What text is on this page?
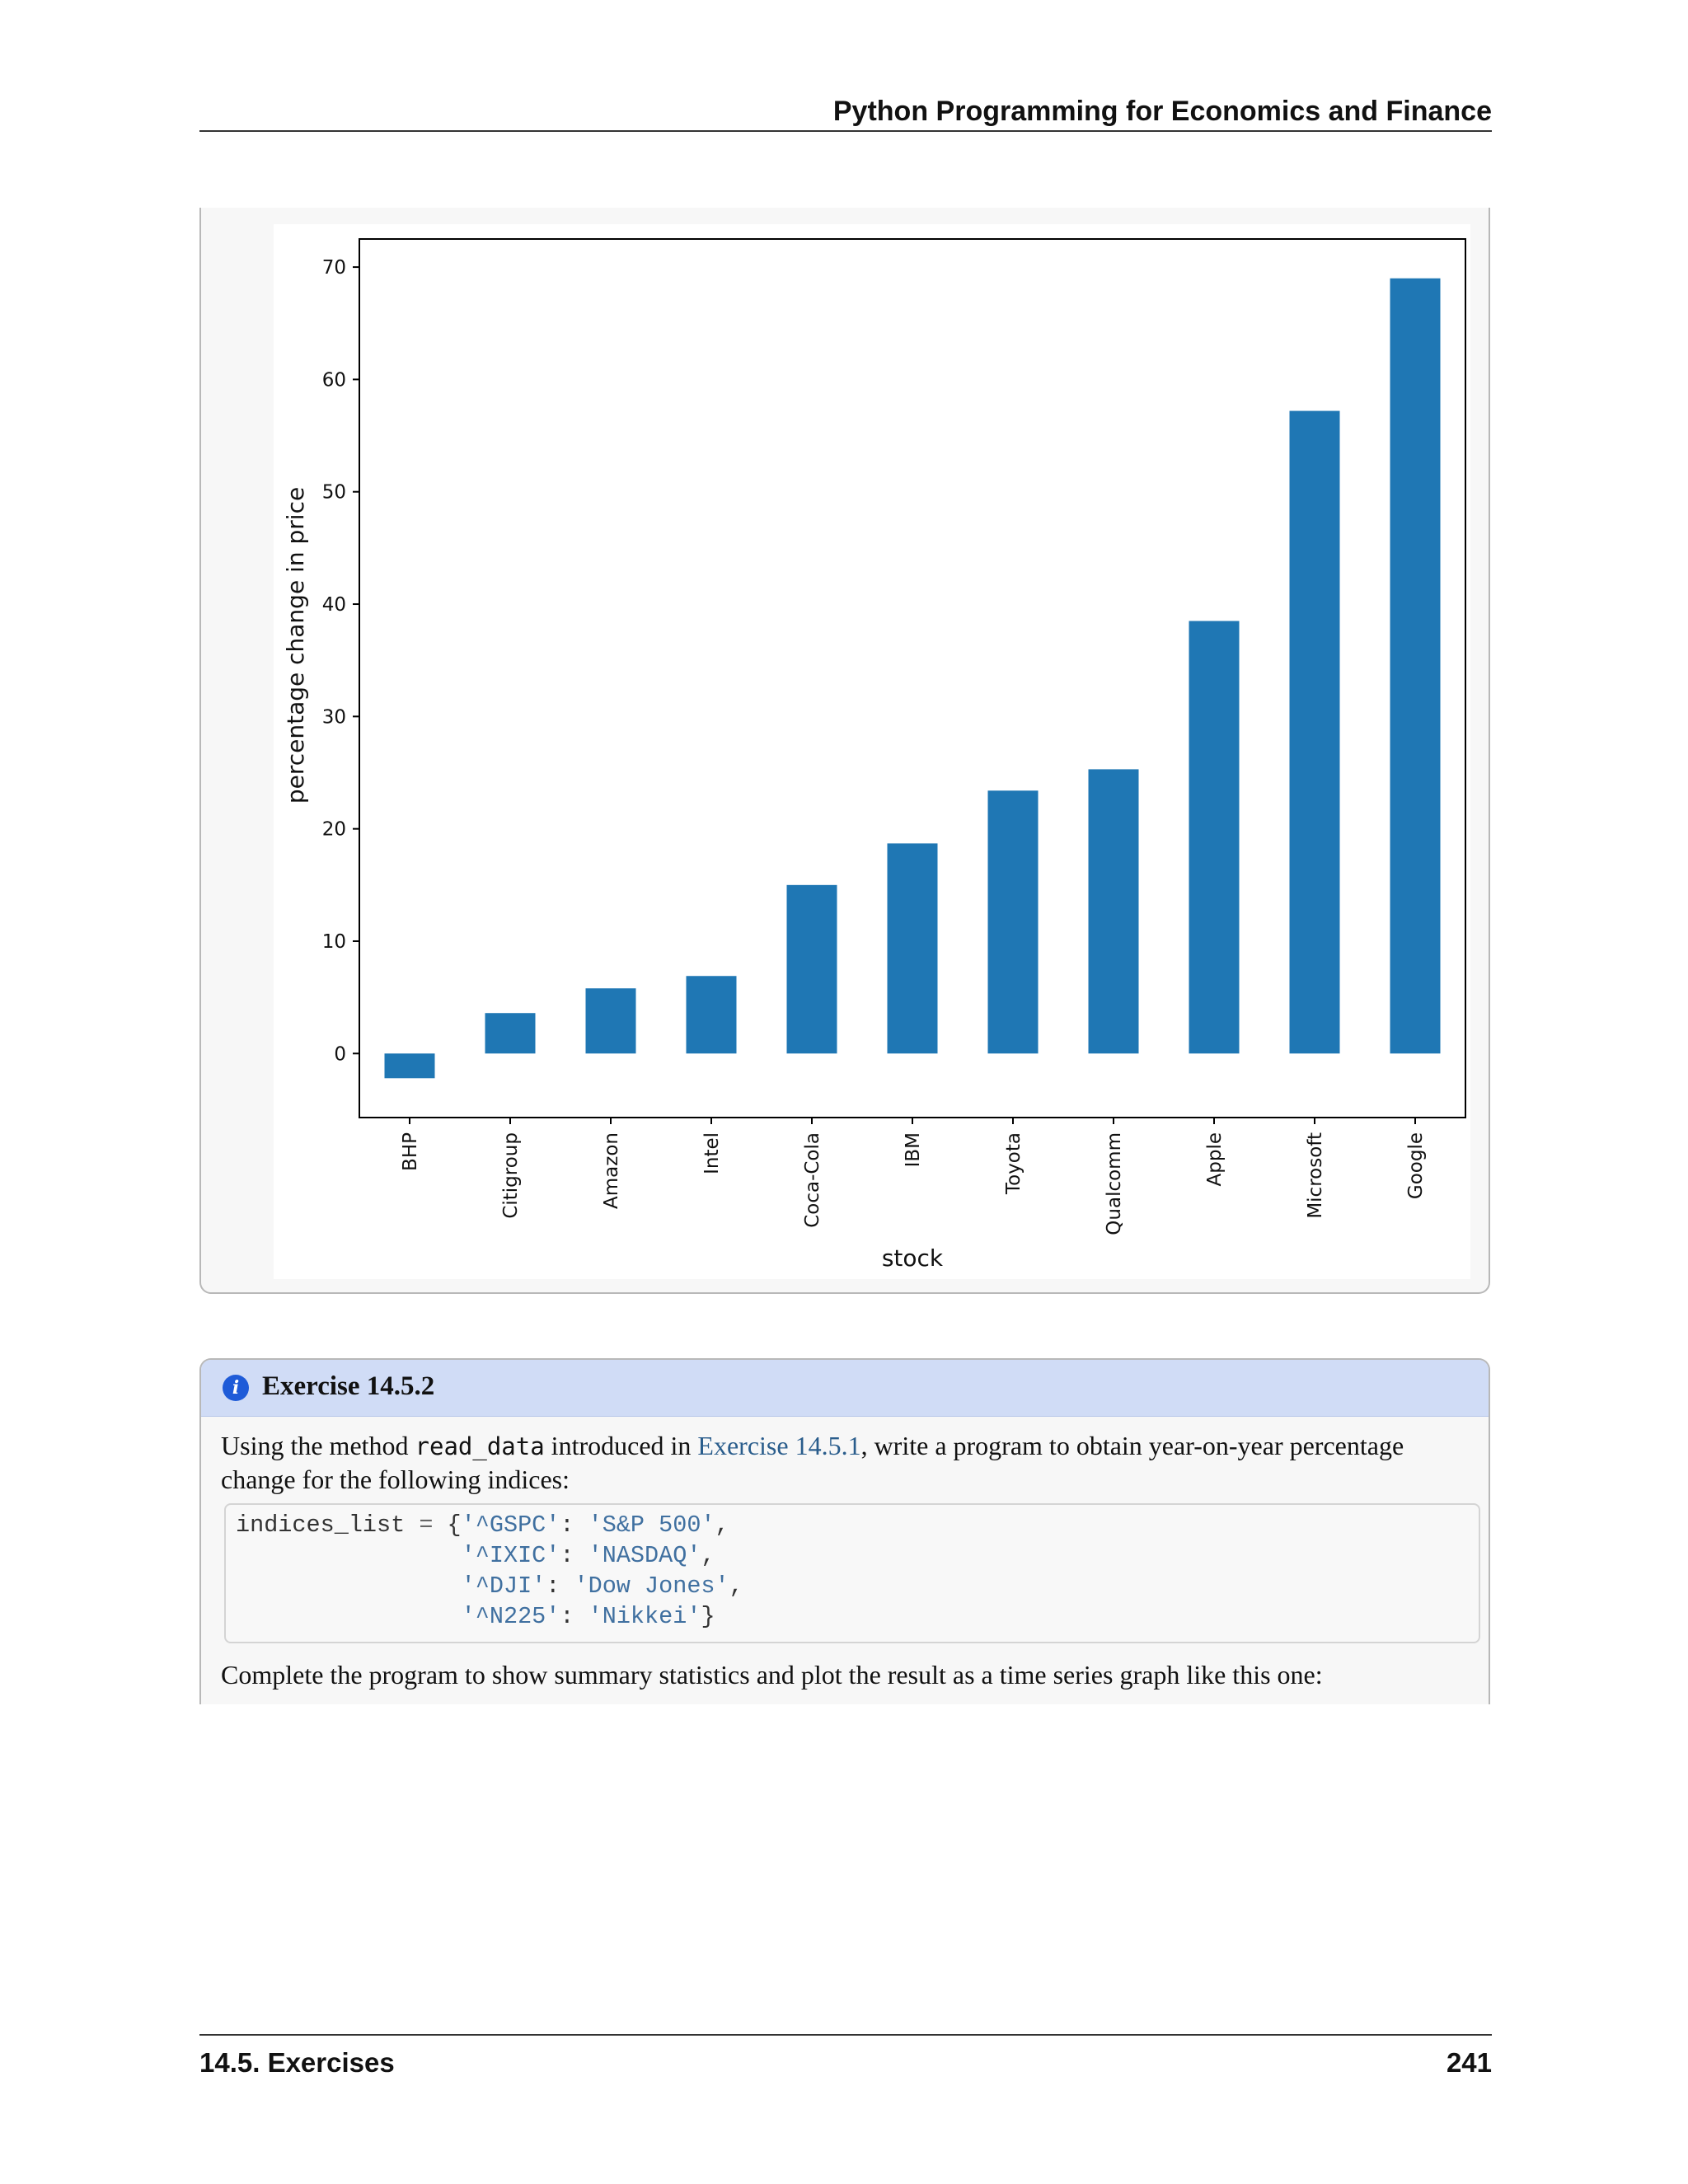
Python Programming for Economics and Finance
0
10
20
30
40
50
60
70
BHP	Citigroup	Amazon	Intel	Coca-Cola	IBM	Toyota	Qualcomm	Apple	Microsoft	Google
stock
percentage change in price
i Exercise 14.5.2
Using the method read_data introduced in Exercise 14.5.1, write a program to obtain year-on-year percentage change for the following indices:
indices_list = {'^GSPC': 'S&P 500',
'^IXIC': 'NASDAQ',
'^DJI': 'Dow Jones',
'^N225': 'Nikkei'}
Complete the program to show summary statistics and plot the result as a time series graph like this one:
14.5. Exercises	241
